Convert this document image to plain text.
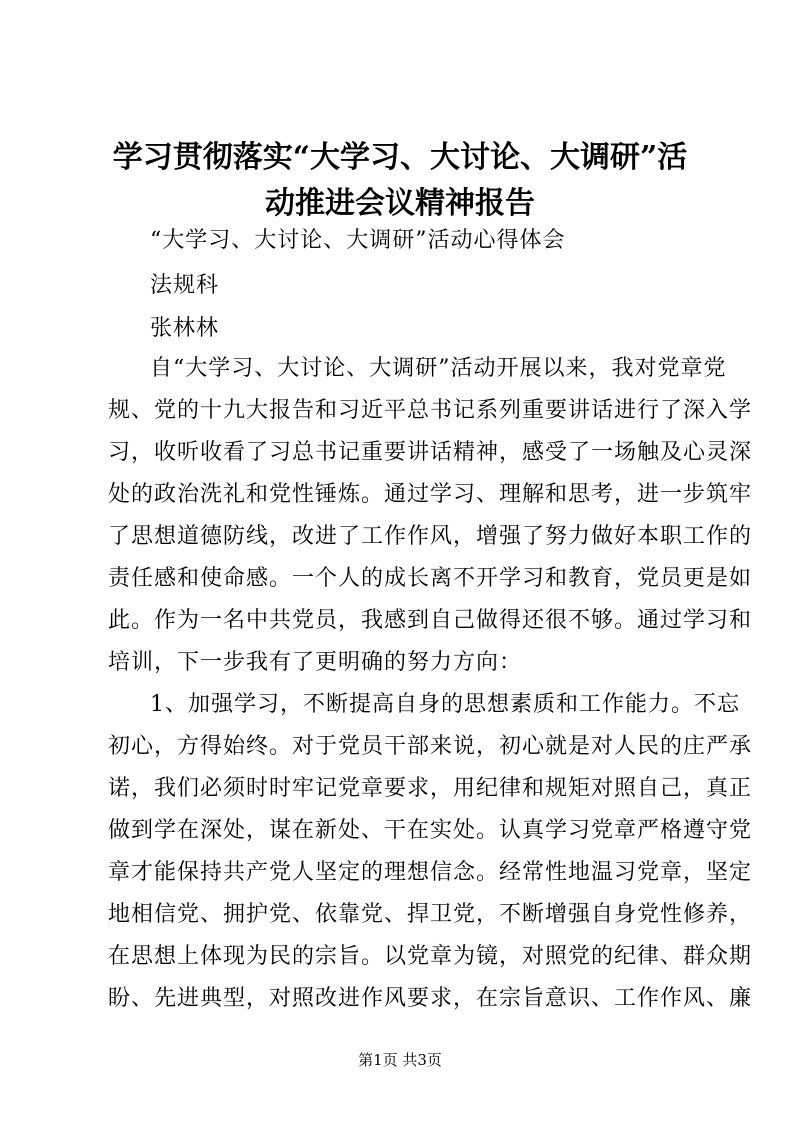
学习贯彻落实“大学习、大讨论、大调研”活
动推进会议精神报告
“大学习、大讨论、大调研”活动心得体会
法规科
张林林
自“大学习、大讨论、大调研”活动开展以来，我对党章党
规、党的十九大报告和习近平总书记系列重要讲话进行了深入学
习，收听收看了习总书记重要讲话精神，感受了一场触及心灵深
处的政治洗礼和党性锤炼。通过学习、理解和思考，进一步筑牢
了思想道德防线，改进了工作作风，增强了努力做好本职工作的
责任感和使命感。一个人的成长离不开学习和教育，党员更是如
此。作为一名中共党员，我感到自己做得还很不够。通过学习和
培训，下一步我有了更明确的努力方向：
1、加强学习，不断提高自身的思想素质和工作能力。不忘
初心，方得始终。对于党员干部来说，初心就是对人民的庄严承
诺，我们必须时时牢记党章要求，用纪律和规矩对照自己，真正
做到学在深处，谋在新处、干在实处。认真学习党章严格遵守党
章才能保持共产党人坚定的理想信念。经常性地温习党章，坚定
地相信党、拥护党、依靠党、捍卫党，不断增强自身党性修养，
在思想上体现为民的宗旨。以党章为镜，对照党的纪律、群众期
盼、先进典型，对照改进作风要求，在宗旨意识、工作作风、廉
第1页 共3页
